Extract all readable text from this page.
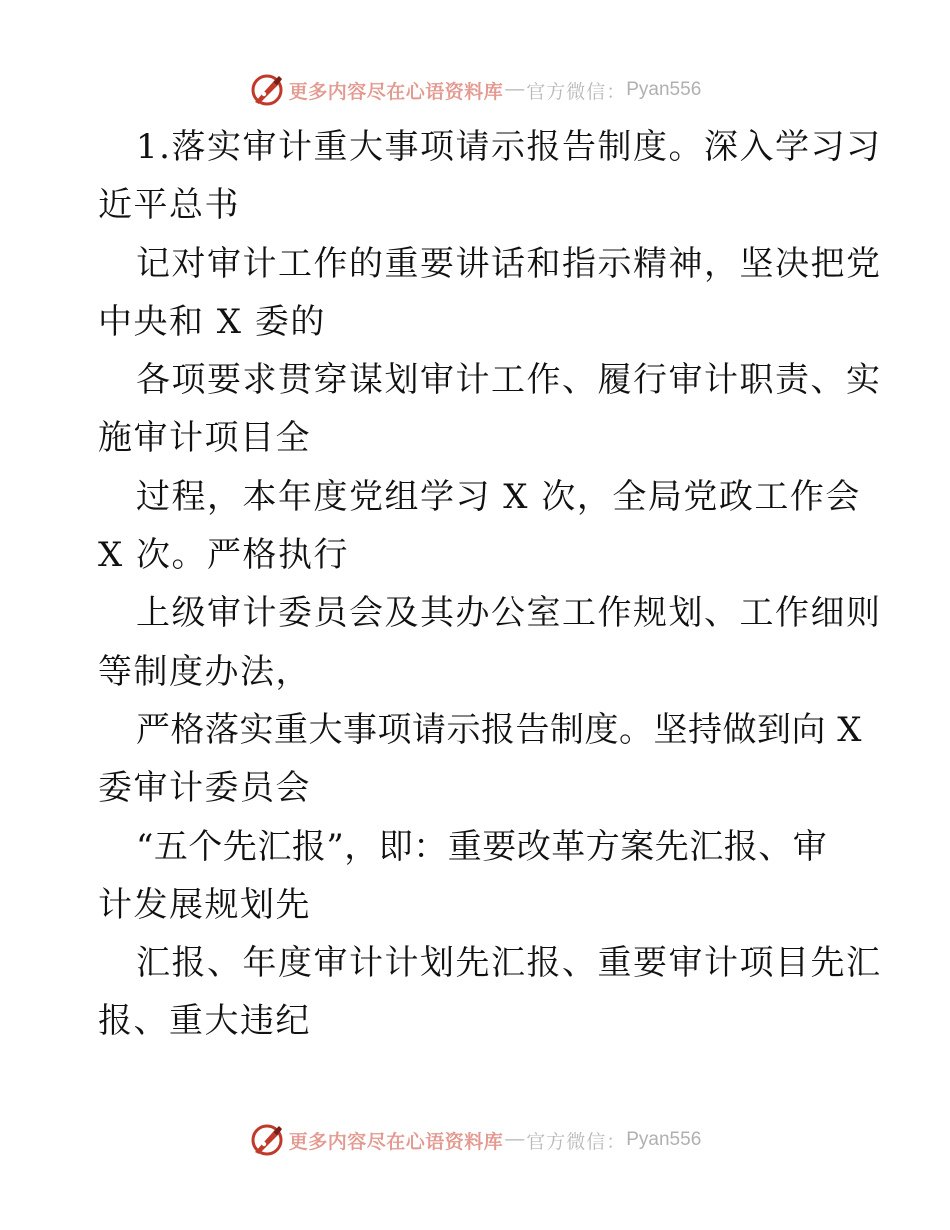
更多内容尽在心语资料库 — 官方微信： Pyan556
1.落实审计重大事项请示报告制度。深入学习习
近平总书
记对审计工作的重要讲话和指示精神，坚决把党
中央和 X 委的
各项要求贯穿谋划审计工作、履行审计职责、实
施审计项目全
过程，本年度党组学习 X 次，全局党政工作会
X 次。严格执行
上级审计委员会及其办公室工作规划、工作细则
等制度办法，
严格落实重大事项请示报告制度。坚持做到向 X
委审计委员会
“五个先汇报”，即：重要改革方案先汇报、审
计发展规划先
汇报、年度审计计划先汇报、重要审计项目先汇
报、重大违纪
更多内容尽在心语资料库 — 官方微信： Pyan556
